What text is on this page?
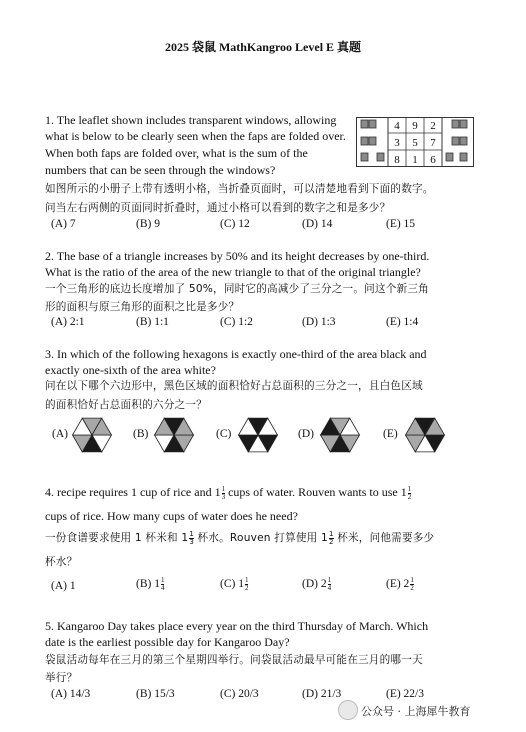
2025 袋鼠 MathKangroo Level E 真题
1. The leaflet shown includes transparent windows, allowing
what is below to be clearly seen when the faps are folded over.
When both faps are folded over, what is the sum of the
numbers that can be seen through the windows?
如图所示的小册子上带有透明小格，当折叠页面时，可以清楚地看到下面的数字。
问当左右两侧的页面同时折叠时，通过小格可以看到的数字之和是多少？
4 9 2
3 5 7
8 1 6
(A) 7	(B) 9	(C) 12	(D) 14	(E) 15
2. The base of a triangle increases by 50% and its height decreases by one-third.
What is the ratio of the area of the new triangle to that of the original triangle?
一个三角形的底边长度增加了 50%，同时它的高减少了三分之一。问这个新三角
形的面积与原三角形的面积之比是多少？
(A) 2:1	(B) 1:1	(C) 1:2	(D) 1:3	(E) 1:4
3. In which of the following hexagons is exactly one-third of the area black and
exactly one-sixth of the area white?
问在以下哪个六边形中，黑色区域的面积恰好占总面积的三分之一，且白色区域
的面积恰好占总面积的六分之一？
(A)	(B)	(C)	(D)	(E)
4. recipe requires 1 cup of rice and $1 \frac{1}{3}$ cups of water. Rouven wants to use $1 \frac{1}{2}$
cups of rice. How many cups of water does he need?
一份食谱要求使用 1 杯米和 $1 \frac{1}{3}$ 杯水。Rouven 打算使用 $1 \frac{1}{2}$ 杯米，问他需要多少
杯水？
(A) 1	(B) $1 \frac{1}{4}$	(C) $1 \frac{1}{2}$	(D) $2 \frac{1}{4}$	(E) $2 \frac{1}{2}$
5. Kangaroo Day takes place every year on the third Thursday of March. Which
date is the earliest possible day for Kangaroo Day?
袋鼠活动每年在三月的第三个星期四举行。问袋鼠活动最早可能在三月的哪一天
举行？
(A) 14/3	(B) 15/3	(C) 20/3	(D) 21/3	(E) 22/3
公众号 · 上海犀牛教育
